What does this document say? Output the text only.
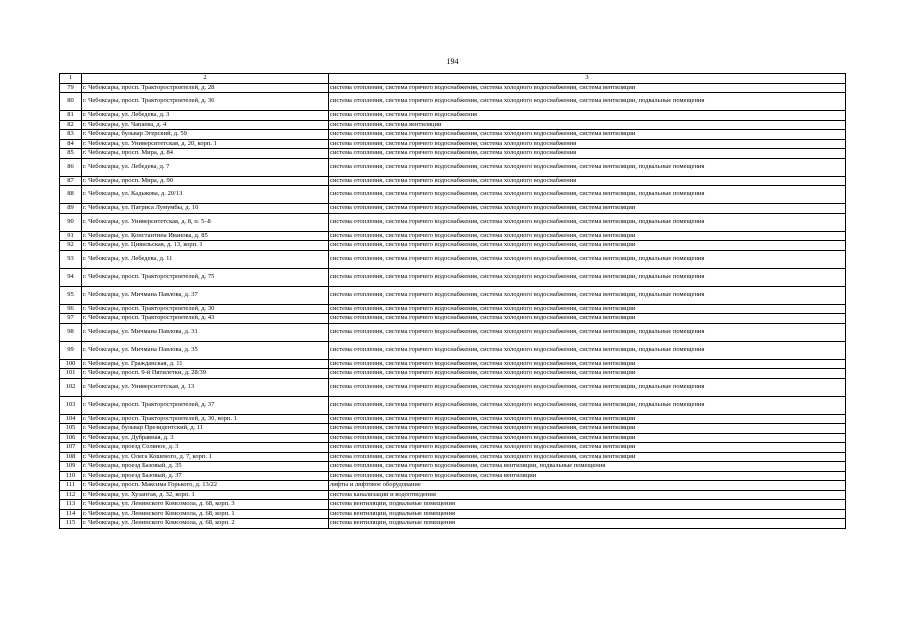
194
1	2	3
79	г. Чебоксары, просп. Тракторостроителей, д. 28	система отопления, система горячего водоснабжения, система холодного водоснабжения, система вентиляции
80	г. Чебоксары, просп. Тракторостроителей, д. 36	система отопления, система горячего водоснабжения, система холодного водоснабжения, система вентиляции, подвальные помещения
81	г. Чебоксары, ул. Лебедева, д. 3	система отопления, система горячего водоснабжения
82	г. Чебоксары, ул. Чапаева, д. 4	система отопления, система вентиляции
83	г. Чебоксары, бульвар Эгерский, д. 59	система отопления, система горячего водоснабжения, система холодного водоснабжения, система вентиляции
84	г. Чебоксары, ул. Университетская, д. 20, корп. 1	система отопления, система горячего водоснабжения, система холодного водоснабжения
85	г. Чебоксары, просп. Мира, д. 84	система отопления, система горячего водоснабжения, система холодного водоснабжения
86	г. Чебоксары, ул. Лебедева, д. 7	система отопления, система горячего водоснабжения, система холодного водоснабжения, система вентиляции, подвальные помещения
87	г. Чебоксары, просп. Мира, д. 90	система отопления, система горячего водоснабжения, система холодного водоснабжения
88	г. Чебоксары, ул. Кадыкова, д. 20/13	система отопления, система горячего водоснабжения, система холодного водоснабжения, система вентиляции, подвальные помещения
89	г. Чебоксары, ул. Патриса Лумумбы, д. 10	система отопления, система горячего водоснабжения, система холодного водоснабжения, система вентиляции
90	г. Чебоксары, ул. Университетская, д. 8, п. 5–8	система отопления, система горячего водоснабжения, система холодного водоснабжения, система вентиляции, подвальные помещения
91	г. Чебоксары, ул. Константина Иванова, д. 85	система отопления, система горячего водоснабжения, система холодного водоснабжения, система вентиляции
92	г. Чебоксары, ул. Цивильская, д. 13, корп. 1	система отопления, система горячего водоснабжения, система холодного водоснабжения, система вентиляции
93	г. Чебоксары, ул. Лебедева, д. 11	система отопления, система горячего водоснабжения, система холодного водоснабжения, система вентиляции, подвальные помещения
94	г. Чебоксары, просп. Тракторостроителей, д. 75	система отопления, система горячего водоснабжения, система холодного водоснабжения, система вентиляции, подвальные помещения
95	г. Чебоксары, ул. Мичмана Павлова, д. 37	система отопления, система горячего водоснабжения, система холодного водоснабжения, система вентиляции, подвальные помещения
96	г. Чебоксары, просп. Тракторостроителей, д. 30	система отопления, система горячего водоснабжения, система холодного водоснабжения, система вентиляции
97	г. Чебоксары, просп. Тракторостроителей, д. 43	система отопления, система горячего водоснабжения, система холодного водоснабжения, система вентиляции
98	г. Чебоксары, ул. Мичмана Павлова, д. 31	система отопления, система горячего водоснабжения, система холодного водоснабжения, система вентиляции, подвальные помещения
99	г. Чебоксары, ул. Мичмана Павлова, д. 35	система отопления, система горячего водоснабжения, система холодного водоснабжения, система вентиляции, подвальные помещения
100	г. Чебоксары, ул. Гражданская, д. 11	система отопления, система горячего водоснабжения, система холодного водоснабжения, система вентиляции
101	г. Чебоксары, просп. 9-й Пятилетки, д. 28/39	система отопления, система горячего водоснабжения, система холодного водоснабжения, система вентиляции
102	г. Чебоксары, ул. Университетская, д. 13	система отопления, система горячего водоснабжения, система холодного водоснабжения, система вентиляции, подвальные помещения
103	г. Чебоксары, просп. Тракторостроителей, д. 37	система отопления, система горячего водоснабжения, система холодного водоснабжения, система вентиляции, подвальные помещения
104	г. Чебоксары, просп. Тракторостроителей, д. 30, корп. 1	система отопления, система горячего водоснабжения, система холодного водоснабжения, система вентиляции
105	г. Чебоксары, бульвар Президентский, д. 11	система отопления, система горячего водоснабжения, система холодного водоснабжения, система вентиляции
106	г. Чебоксары, ул. Дубравная, д. 3	система отопления, система горячего водоснабжения, система холодного водоснабжения, система вентиляции
107	г. Чебоксары, проезд Соляное, д. 3	система отопления, система горячего водоснабжения, система холодного водоснабжения, система вентиляции
108	г. Чебоксары, ул. Олега Кошевого, д. 7, корп. 1	система отопления, система горячего водоснабжения, система холодного водоснабжения, система вентиляции
109	г. Чебоксары, проезд Базовый, д. 35	система отопления, система горячего водоснабжения, система вентиляции, подвальные помещения
110	г. Чебоксары, проезд Базовый, д. 37	система отопления, система горячего водоснабжения, система вентиляции
111	г. Чебоксары, просп. Максима Горького, д. 13/22	лифты и лифтовое оборудование
112	г. Чебоксары, ул. Хузангая, д. 32, корп. 1	система канализации и водоотведения
113	г. Чебоксары, ул. Ленинского Комсомола, д. 68, корп. 3	система вентиляции, подвальные помещения
114	г. Чебоксары, ул. Ленинского Комсомола, д. 68, корп. 1	система вентиляции, подвальные помещения
115	г. Чебоксары, ул. Ленинского Комсомола, д. 68, корп. 2	система вентиляции, подвальные помещения
